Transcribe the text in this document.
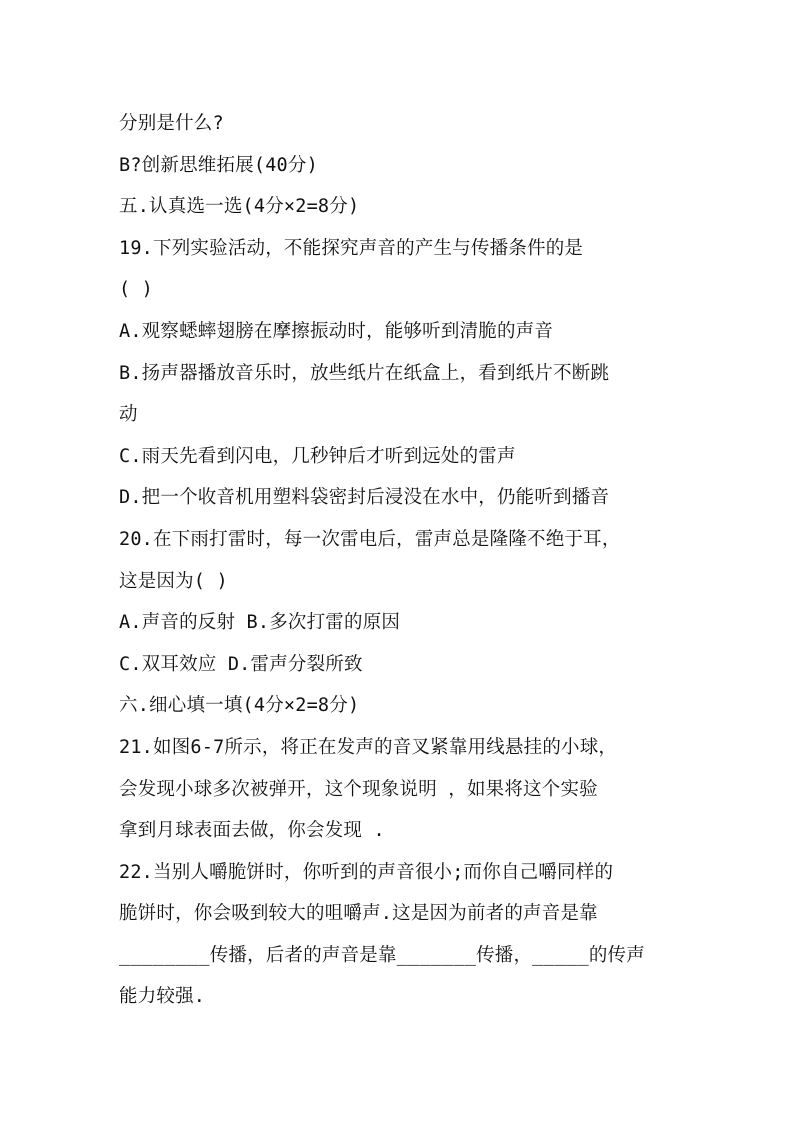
分别是什么?
B?创新思维拓展(40分)
五.认真选一选(4分×2=8分)
19.下列实验活动，不能探究声音的产生与传播条件的是
( )
A.观察蟋蟀翅膀在摩擦振动时，能够听到清脆的声音
B.扬声器播放音乐时，放些纸片在纸盒上，看到纸片不断跳
动
C.雨天先看到闪电，几秒钟后才听到远处的雷声
D.把一个收音机用塑料袋密封后浸没在水中，仍能听到播音
20.在下雨打雷时，每一次雷电后，雷声总是隆隆不绝于耳，
这是因为( )
A.声音的反射 B.多次打雷的原因
C.双耳效应 D.雷声分裂所致
六.细心填一填(4分×2=8分)
21.如图6-7所示，将正在发声的音叉紧靠用线悬挂的小球，
会发现小球多次被弹开，这个现象说明 ，如果将这个实验
拿到月球表面去做，你会发现 .
22.当别人嚼脆饼时，你听到的声音很小;而你自己嚼同样的
脆饼时，你会吸到较大的咀嚼声.这是因为前者的声音是靠
________传播，后者的声音是靠_______传播，_____的传声
能力较强.
